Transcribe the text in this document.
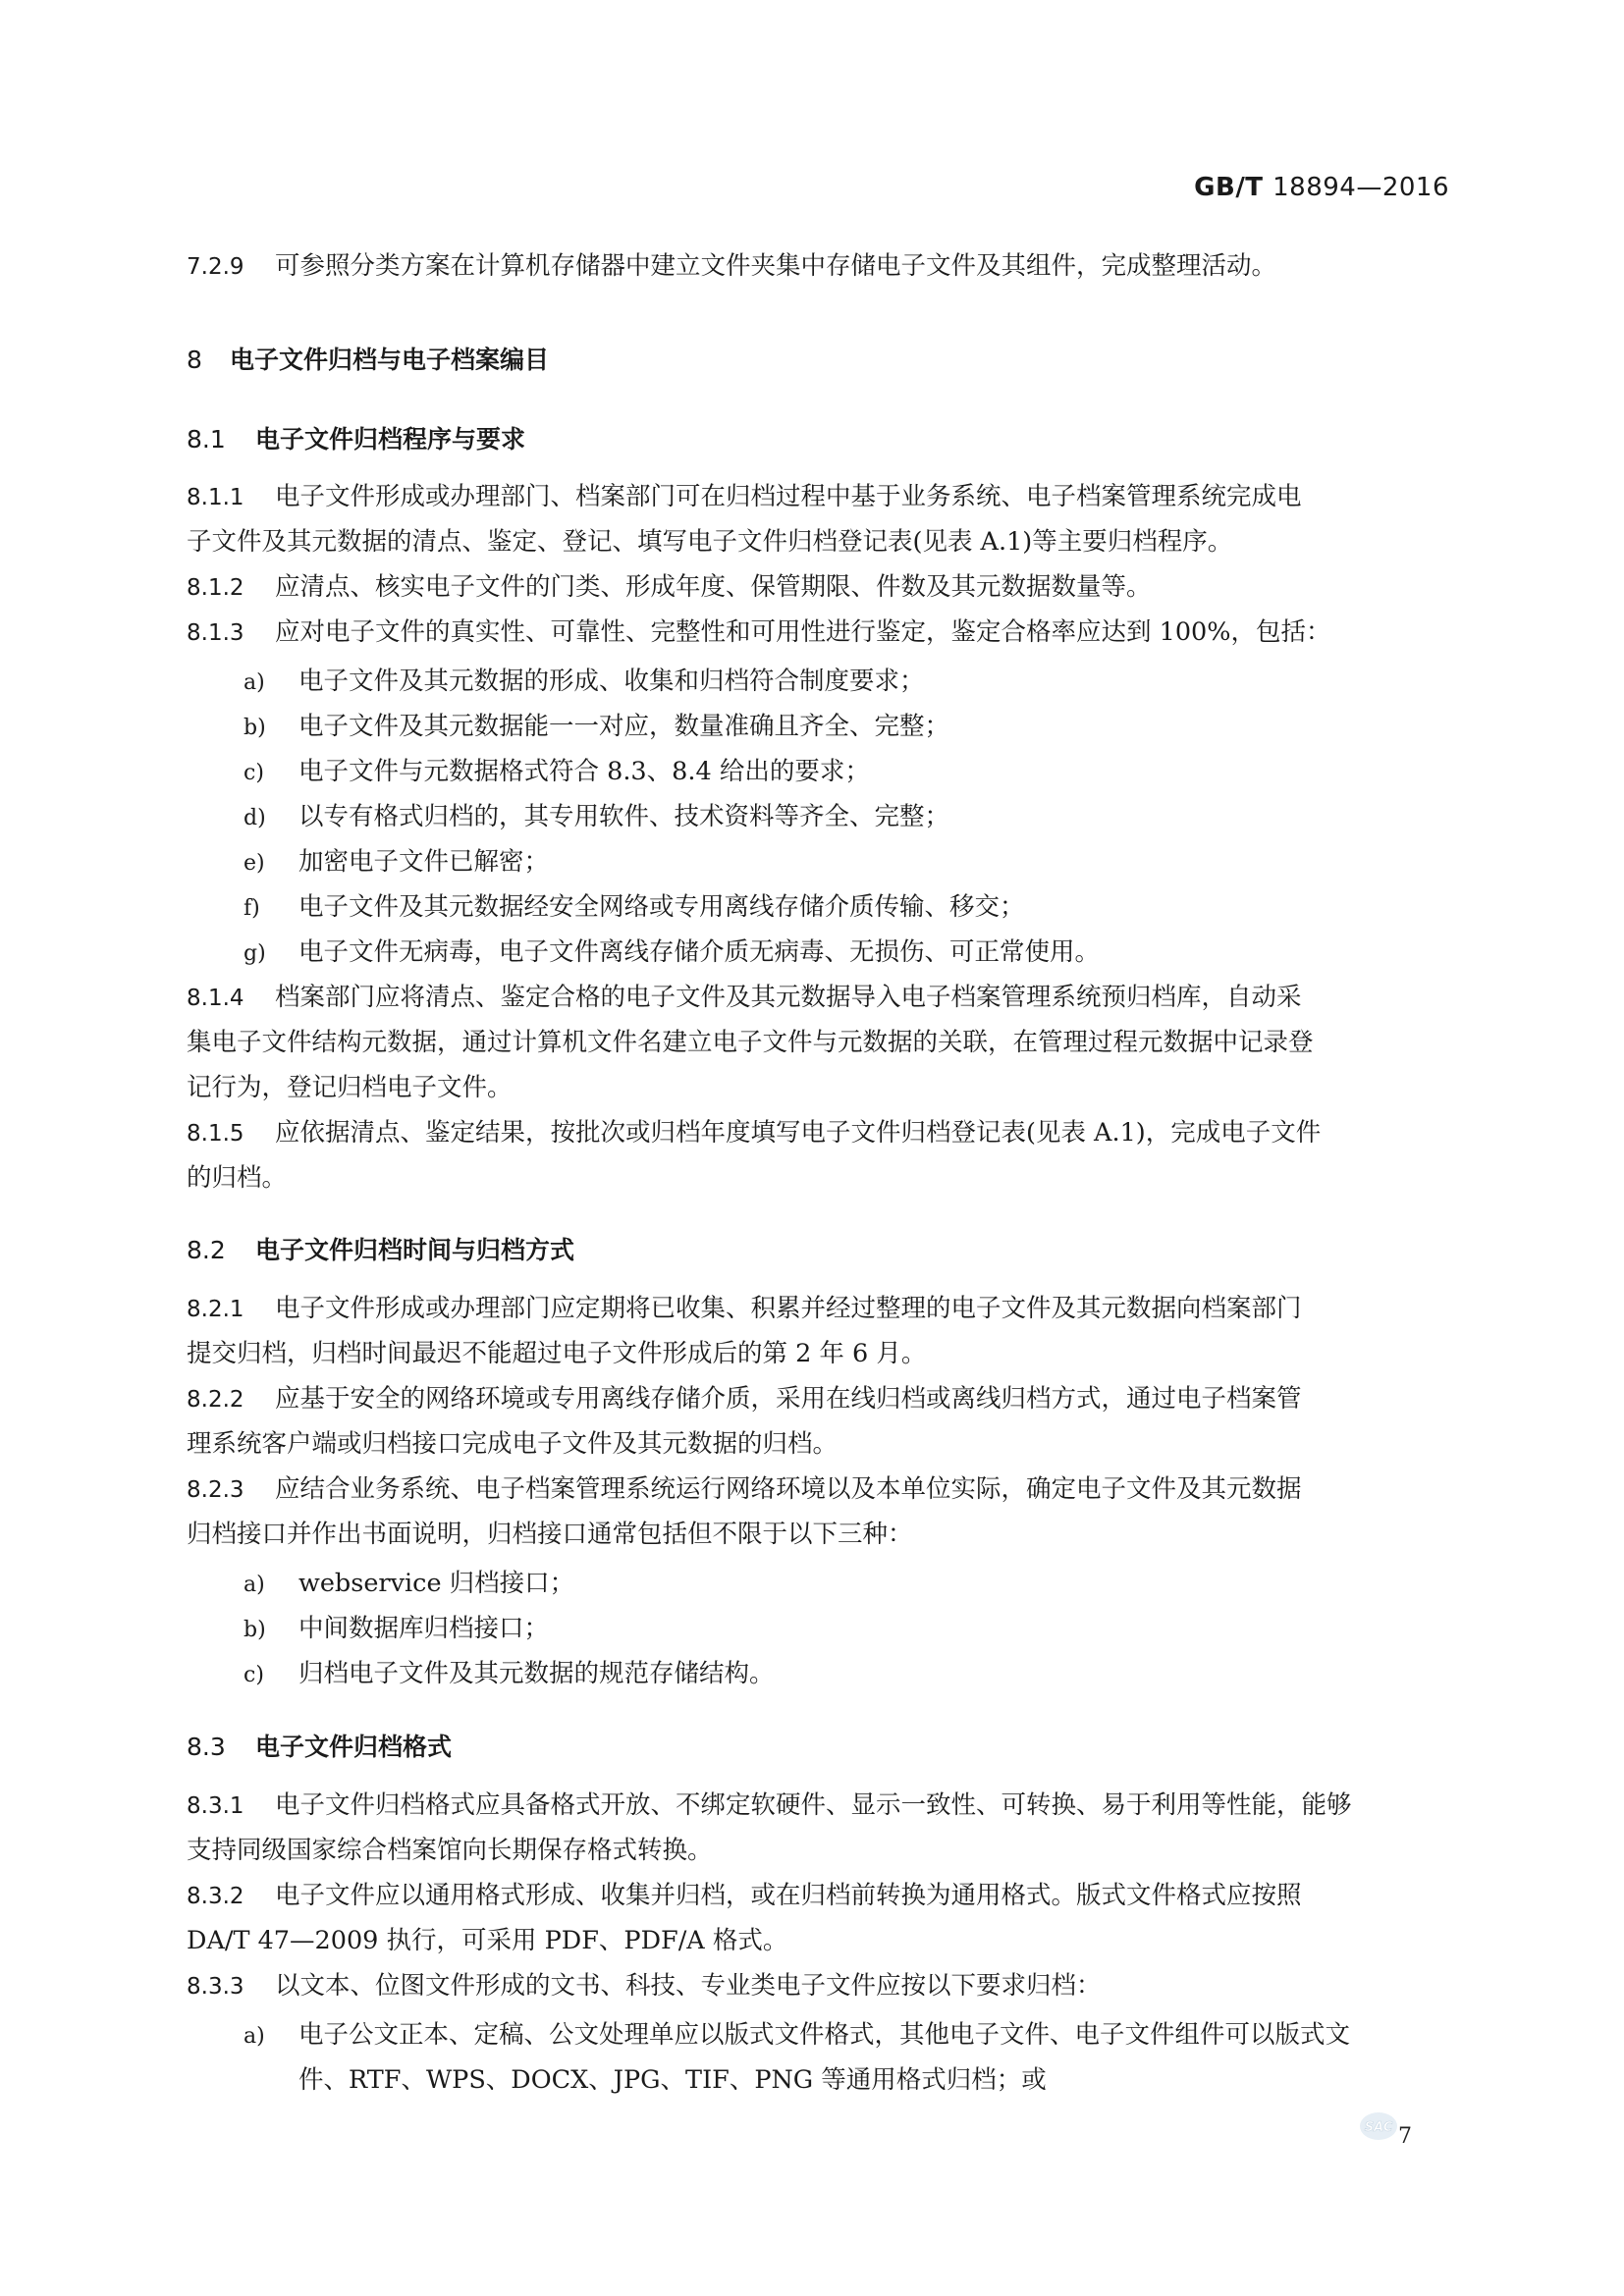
GB/T 18894—2016
7.2.9 可参照分类方案在计算机存储器中建立文件夹集中存储电子文件及其组件，完成整理活动。
8 电子文件归档与电子档案编目
8.1 电子文件归档程序与要求
8.1.1 电子文件形成或办理部门、档案部门可在归档过程中基于业务系统、电子档案管理系统完成电
子文件及其元数据的清点、鉴定、登记、填写电子文件归档登记表(见表 A.1)等主要归档程序。
8.1.2 应清点、核实电子文件的门类、形成年度、保管期限、件数及其元数据数量等。
8.1.3 应对电子文件的真实性、可靠性、完整性和可用性进行鉴定，鉴定合格率应达到 100%，包括：
a) 电子文件及其元数据的形成、收集和归档符合制度要求；
b) 电子文件及其元数据能一一对应，数量准确且齐全、完整；
c) 电子文件与元数据格式符合 8.3、8.4 给出的要求；
d) 以专有格式归档的，其专用软件、技术资料等齐全、完整；
e) 加密电子文件已解密；
f) 电子文件及其元数据经安全网络或专用离线存储介质传输、移交；
g) 电子文件无病毒，电子文件离线存储介质无病毒、无损伤、可正常使用。
8.1.4 档案部门应将清点、鉴定合格的电子文件及其元数据导入电子档案管理系统预归档库，自动采
集电子文件结构元数据，通过计算机文件名建立电子文件与元数据的关联，在管理过程元数据中记录登
记行为，登记归档电子文件。
8.1.5 应依据清点、鉴定结果，按批次或归档年度填写电子文件归档登记表(见表 A.1)，完成电子文件
的归档。
8.2 电子文件归档时间与归档方式
8.2.1 电子文件形成或办理部门应定期将已收集、积累并经过整理的电子文件及其元数据向档案部门
提交归档，归档时间最迟不能超过电子文件形成后的第 2 年 6 月。
8.2.2 应基于安全的网络环境或专用离线存储介质，采用在线归档或离线归档方式，通过电子档案管
理系统客户端或归档接口完成电子文件及其元数据的归档。
8.2.3 应结合业务系统、电子档案管理系统运行网络环境以及本单位实际，确定电子文件及其元数据
归档接口并作出书面说明，归档接口通常包括但不限于以下三种：
a) webservice 归档接口；
b) 中间数据库归档接口；
c) 归档电子文件及其元数据的规范存储结构。
8.3 电子文件归档格式
8.3.1 电子文件归档格式应具备格式开放、不绑定软硬件、显示一致性、可转换、易于利用等性能，能够
支持同级国家综合档案馆向长期保存格式转换。
8.3.2 电子文件应以通用格式形成、收集并归档，或在归档前转换为通用格式。版式文件格式应按照
DA/T 47—2009 执行，可采用 PDF、PDF/A 格式。
8.3.3 以文本、位图文件形成的文书、科技、专业类电子文件应按以下要求归档：
a) 电子公文正本、定稿、公文处理单应以版式文件格式，其他电子文件、电子文件组件可以版式文
件、RTF、WPS、DOCX、JPG、TIF、PNG 等通用格式归档；或
SAC 7
